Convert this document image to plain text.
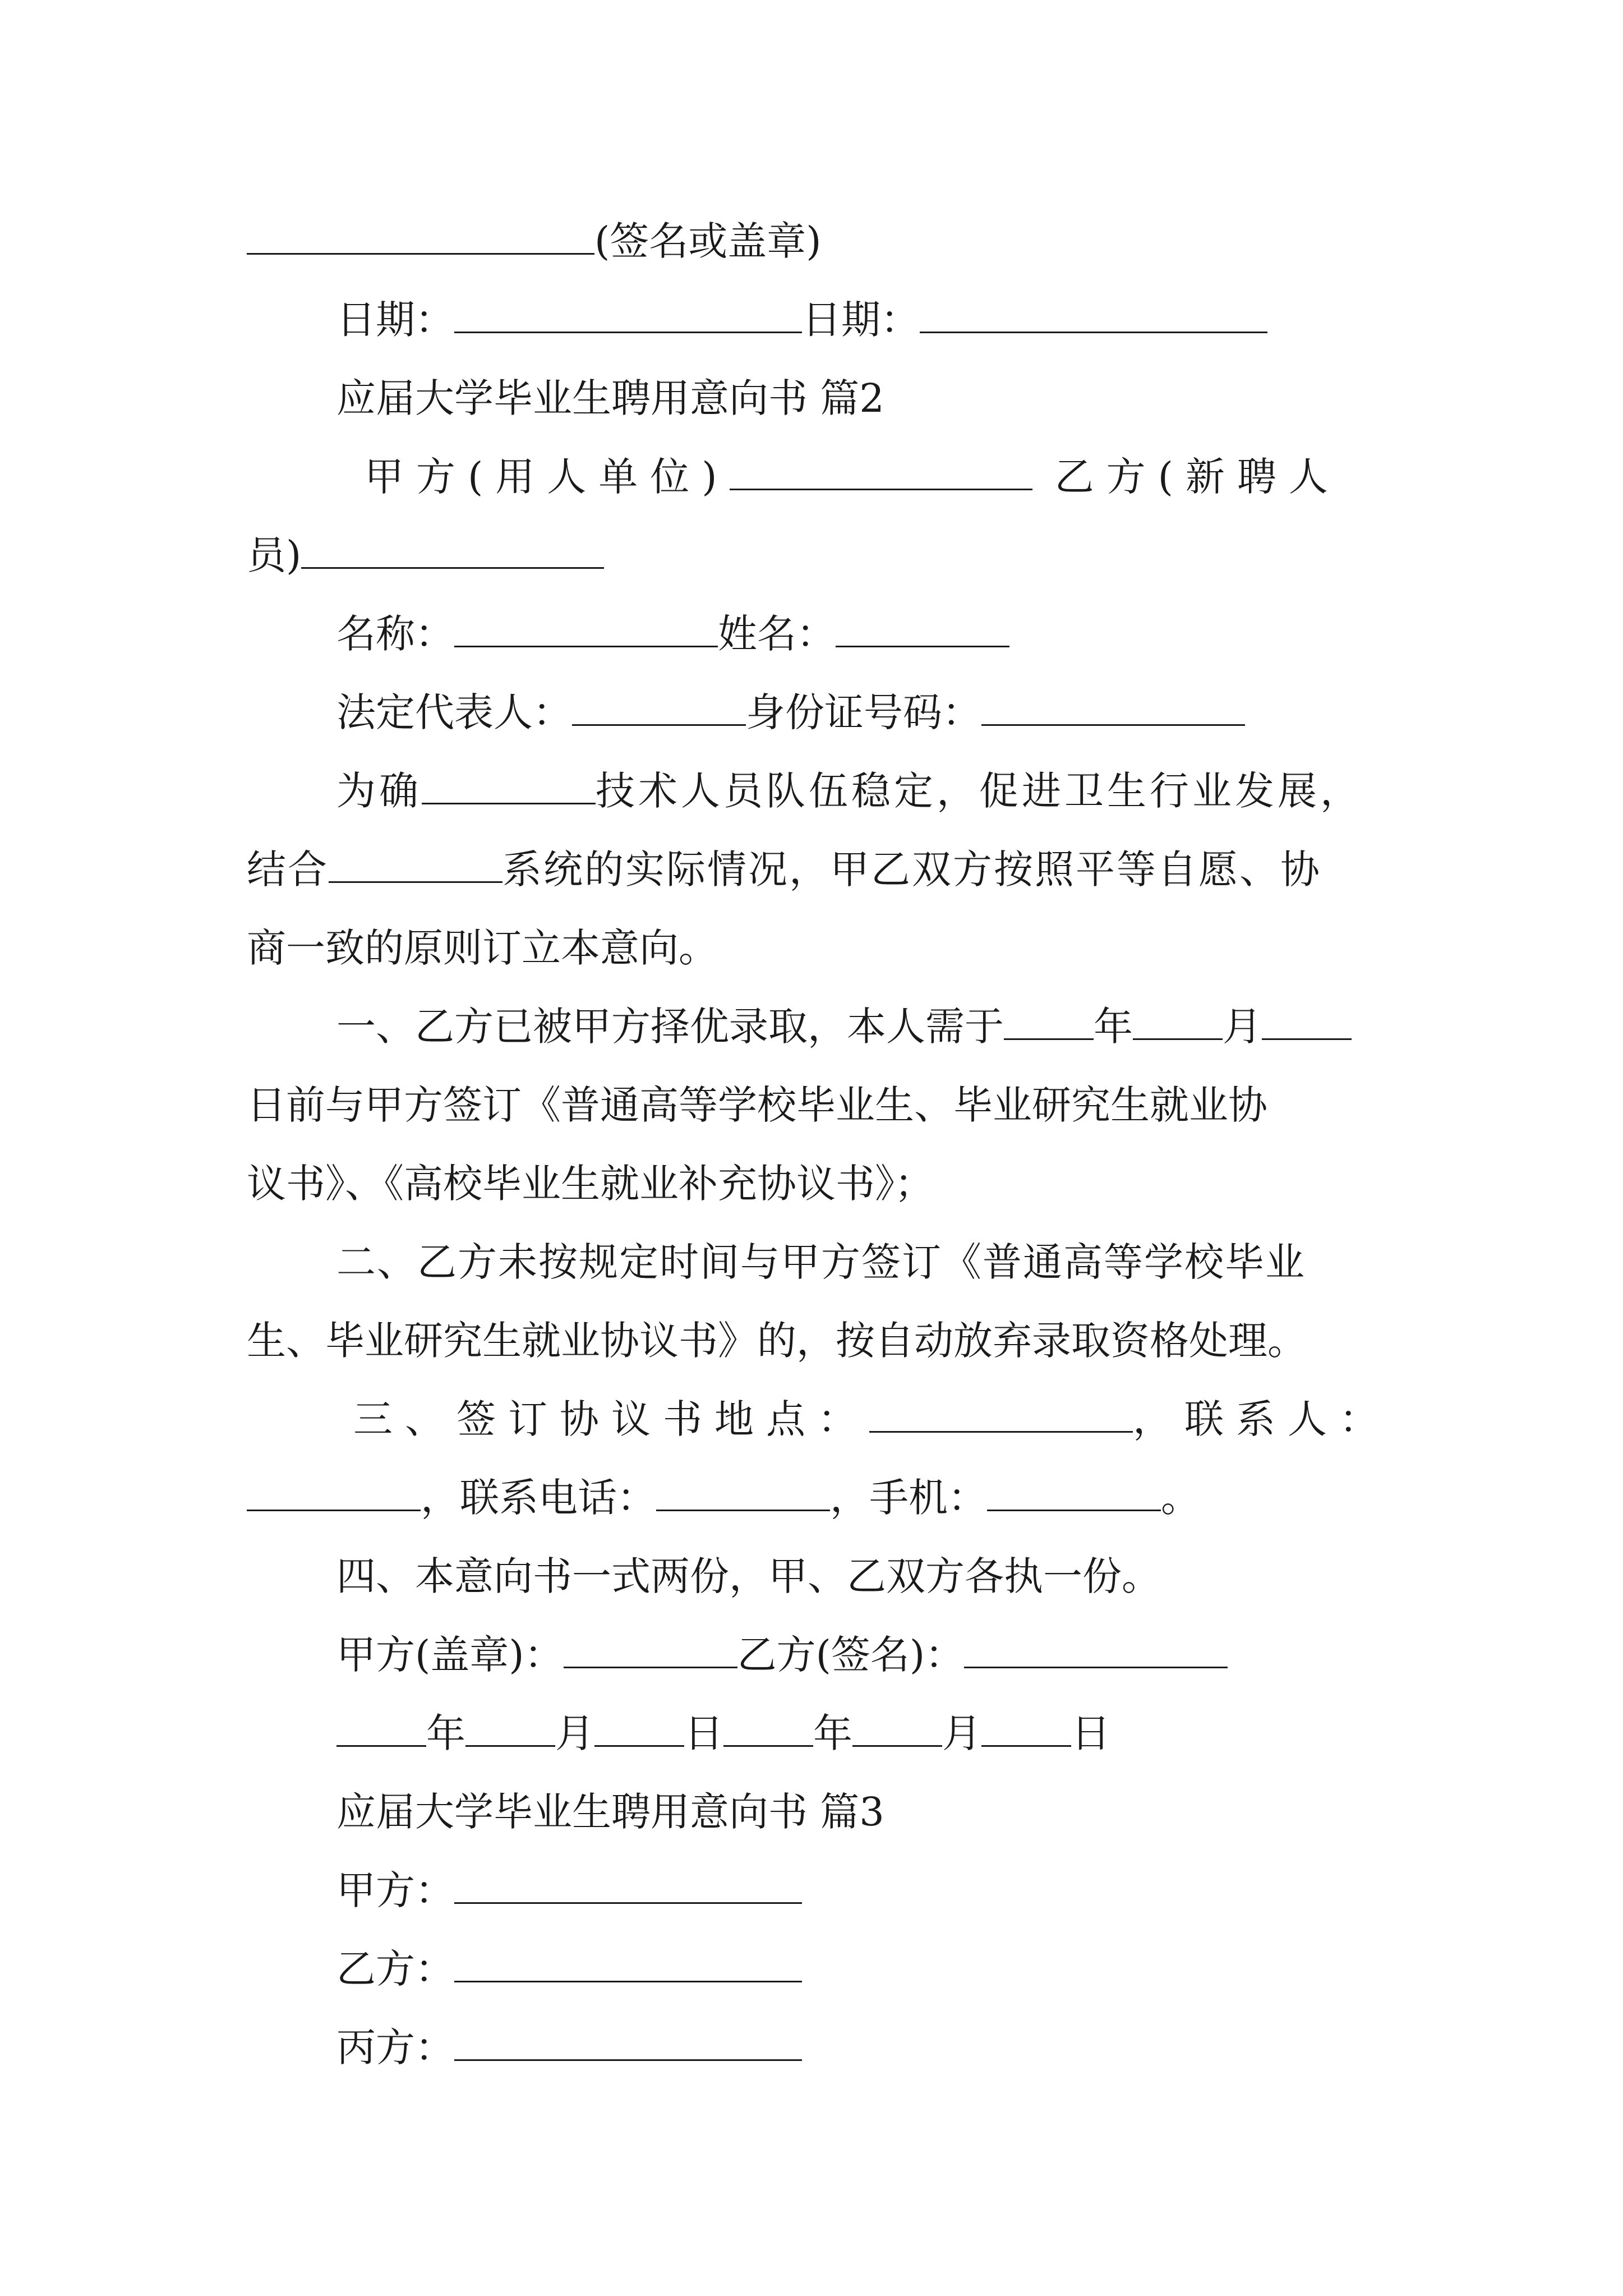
(签名或盖章)
日期：	日期：
应届大学毕业生聘用意向书 篇2
甲方(用人单位)	乙方(新聘人
员)
名称：	姓名：
法定代表人：	身份证号码：
为确	技术人员队伍稳定，促进卫生行业发展，
结合	系统的实际情况，甲乙双方按照平等自愿、协
商一致的原则订立本意向。
一、乙方已被甲方择优录取，本人需于 年 月
日前与甲方签订《普通高等学校毕业生、毕业研究生就业协
议书》、《高校毕业生就业补充协议书》；
二、乙方未按规定时间与甲方签订《普通高等学校毕业
生、毕业研究生就业协议书》的，按自动放弃录取资格处理。
三、签订协议书地点：	，联系人：
，联系电话：	，手机：	。
四、本意向书一式两份，甲、乙双方各执一份。
甲方(盖章)：	乙方(签名)：
年 月 日 年 月 日
应届大学毕业生聘用意向书 篇3
甲方：
乙方：
丙方：
